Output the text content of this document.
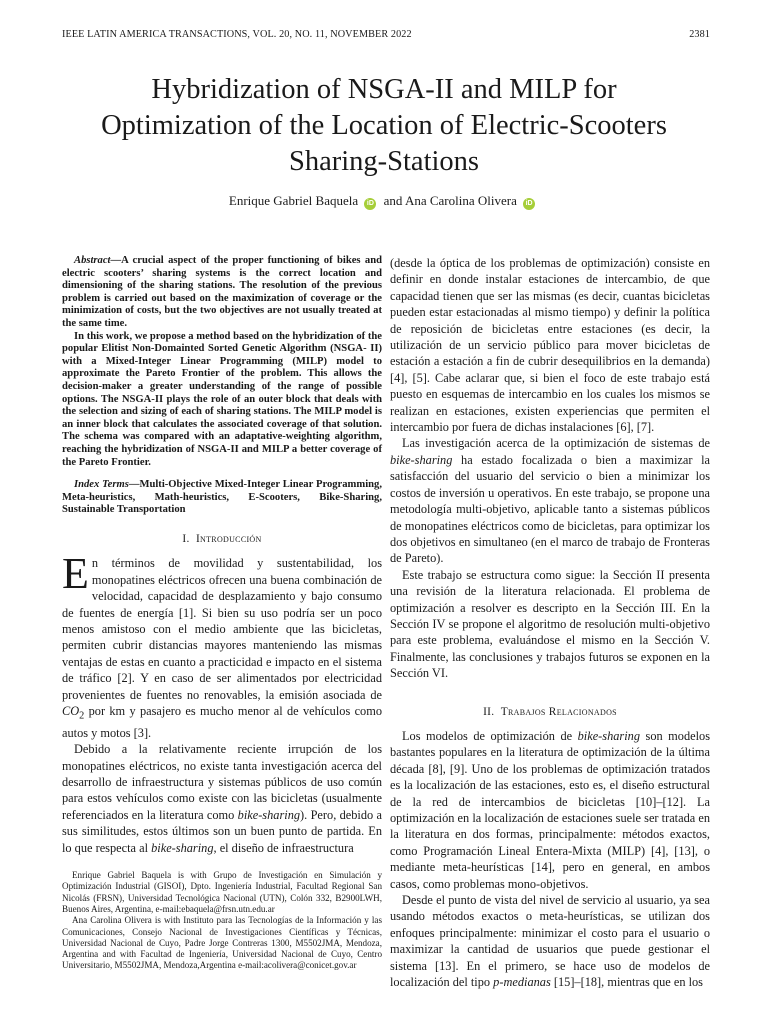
IEEE LATIN AMERICA TRANSACTIONS, VOL. 20, NO. 11, NOVEMBER 2022	2381
Hybridization of NSGA-II and MILP for
Optimization of the Location of Electric-Scooters
Sharing-Stations
Enrique Gabriel Baquela iD and Ana Carolina Olivera iD

Abstract—A crucial aspect of the proper functioning of bikes and electric scooters’ sharing systems is the correct location and dimensioning of the sharing stations. The resolution of the previous problem is carried out based on the maximization of coverage or the minimization of costs, but the two objectives are not usually treated at the same time.

In this work, we propose a method based on the hybridization of the popular Elitist Non-Domainted Sorted Genetic Algorithm (NSGA- II) with a Mixed-Integer Linear Programming (MILP) model to approximate the Pareto Frontier of the problem. This allows the decision-maker a greater understanding of the range of possible options. The NSGA-II plays the role of an outer block that deals with the selection and sizing of each of sharing stations. The MILP model is an inner block that calculates the associated coverage of that solution. The schema was compared with an adaptative-weighting algorithm, reaching the hybridization of NSGA-II and MILP a better coverage of the Pareto Frontier.

Index Terms—Multi-Objective Mixed-Integer Linear Programming, Meta-heuristics, Math-heuristics, E-Scooters, Bike-Sharing, Sustainable Transportation
I. Introducción

En términos de movilidad y sustentabilidad, los monopatines eléctricos ofrecen una buena combinación de velocidad, capacidad de desplazamiento y bajo consumo de fuentes de energía [1]. Si bien su uso podría ser un poco menos amistoso con el medio ambiente que las bicicletas, permiten cubrir distancias mayores manteniendo las mismas ventajas de estas en cuanto a practicidad e impacto en el sistema de tráfico [2]. Y en caso de ser alimentados por electricidad provenientes de fuentes no renovables, la emisión asociada de $CO_2$ por km y pasajero es mucho menor al de vehículos como autos y motos [3].

Debido a la relativamente reciente irrupción de los monopatines eléctricos, no existe tanta investigación acerca del desarrollo de infraestructura y sistemas públicos de uso común para estos vehículos como existe con las bicicletas (usualmente referenciados en la literatura como bike-sharing). Pero, debido a sus similitudes, estos últimos son un buen punto de partida. En lo que respecta al bike-sharing, el diseño de infraestructura

Enrique Gabriel Baquela is with Grupo de Investigación en Simulación y Optimización Industrial (GISOI), Dpto. Ingeniería Industrial, Facultad Regional San Nicolás (FRSN), Universidad Tecnológica Nacional (UTN), Colón 332, B2900LWH, Buenos Aires, Argentina, e-mail:ebaquela@frsn.utn.edu.ar

Ana Carolina Olivera is with Instituto para las Tecnologías de la Información y las Comunicaciones, Consejo Nacional de Investigaciones Científicas y Técnicas, Universidad Nacional de Cuyo, Padre Jorge Contreras 1300, M5502JMA, Mendoza, Argentina and with Facultad de Ingeniería, Universidad Nacional de Cuyo, Centro Universitario, M5502JMA, Mendoza,Argentina e-mail:acolivera@conicet.gov.ar

(desde la óptica de los problemas de optimización) consiste en definir en donde instalar estaciones de intercambio, de que capacidad tienen que ser las mismas (es decir, cuantas bicicletas pueden estar estacionadas al mismo tiempo) y definir la política de reposición de bicicletas entre estaciones (es decir, la utilización de un servicio público para mover bicicletas de estación a estación a fin de cubrir desequilibrios en la demanda) [4], [5]. Cabe aclarar que, si bien el foco de este trabajo está puesto en esquemas de intercambio en los cuales los mismos se realizan en estaciones, existen experiencias que permiten el intercambio por fuera de dichas instalaciones [6], [7].

Las investigación acerca de la optimización de sistemas de bike-sharing ha estado focalizada o bien a maximizar la satisfacción del usuario del servicio o bien a minimizar los costos de inversión u operativos. En este trabajo, se propone una metodología multi-objetivo, aplicable tanto a sistemas públicos de monopatines eléctricos como de bicicletas, para optimizar los dos objetivos en simultaneo (en el marco de trabajo de Fronteras de Pareto).

Este trabajo se estructura como sigue: la Sección II presenta una revisión de la literatura relacionada. El problema de optimización a resolver es descripto en la Sección III. En la Sección IV se propone el algoritmo de resolución multi-objetivo para este problema, evaluándose el mismo en la Sección V. Finalmente, las conclusiones y trabajos futuros se exponen en la Sección VI.

II. Trabajos Relacionados

Los modelos de optimización de bike-sharing son modelos bastantes populares en la literatura de optimización de la última década [8], [9]. Uno de los problemas de optimización tratados es la localización de las estaciones, esto es, el diseño estructural de la red de intercambios de bicicletas [10]–[12]. La optimización en la localización de estaciones suele ser tratada en la literatura en dos formas, principalmente: métodos exactos, como Programación Lineal Entera-Mixta (MILP) [4], [13], o mediante meta-heurísticas [14], pero en general, en ambos casos, como problemas mono-objetivos.

Desde el punto de vista del nivel de servicio al usuario, ya sea usando métodos exactos o meta-heurísticas, se utilizan dos enfoques principalmente: minimizar el costo para el usuario o maximizar la cantidad de usuarios que puede gestionar el sistema [13]. En el primero, se hace uso de modelos de localización del tipo p-medianas [15]–[18], mientras que en los
